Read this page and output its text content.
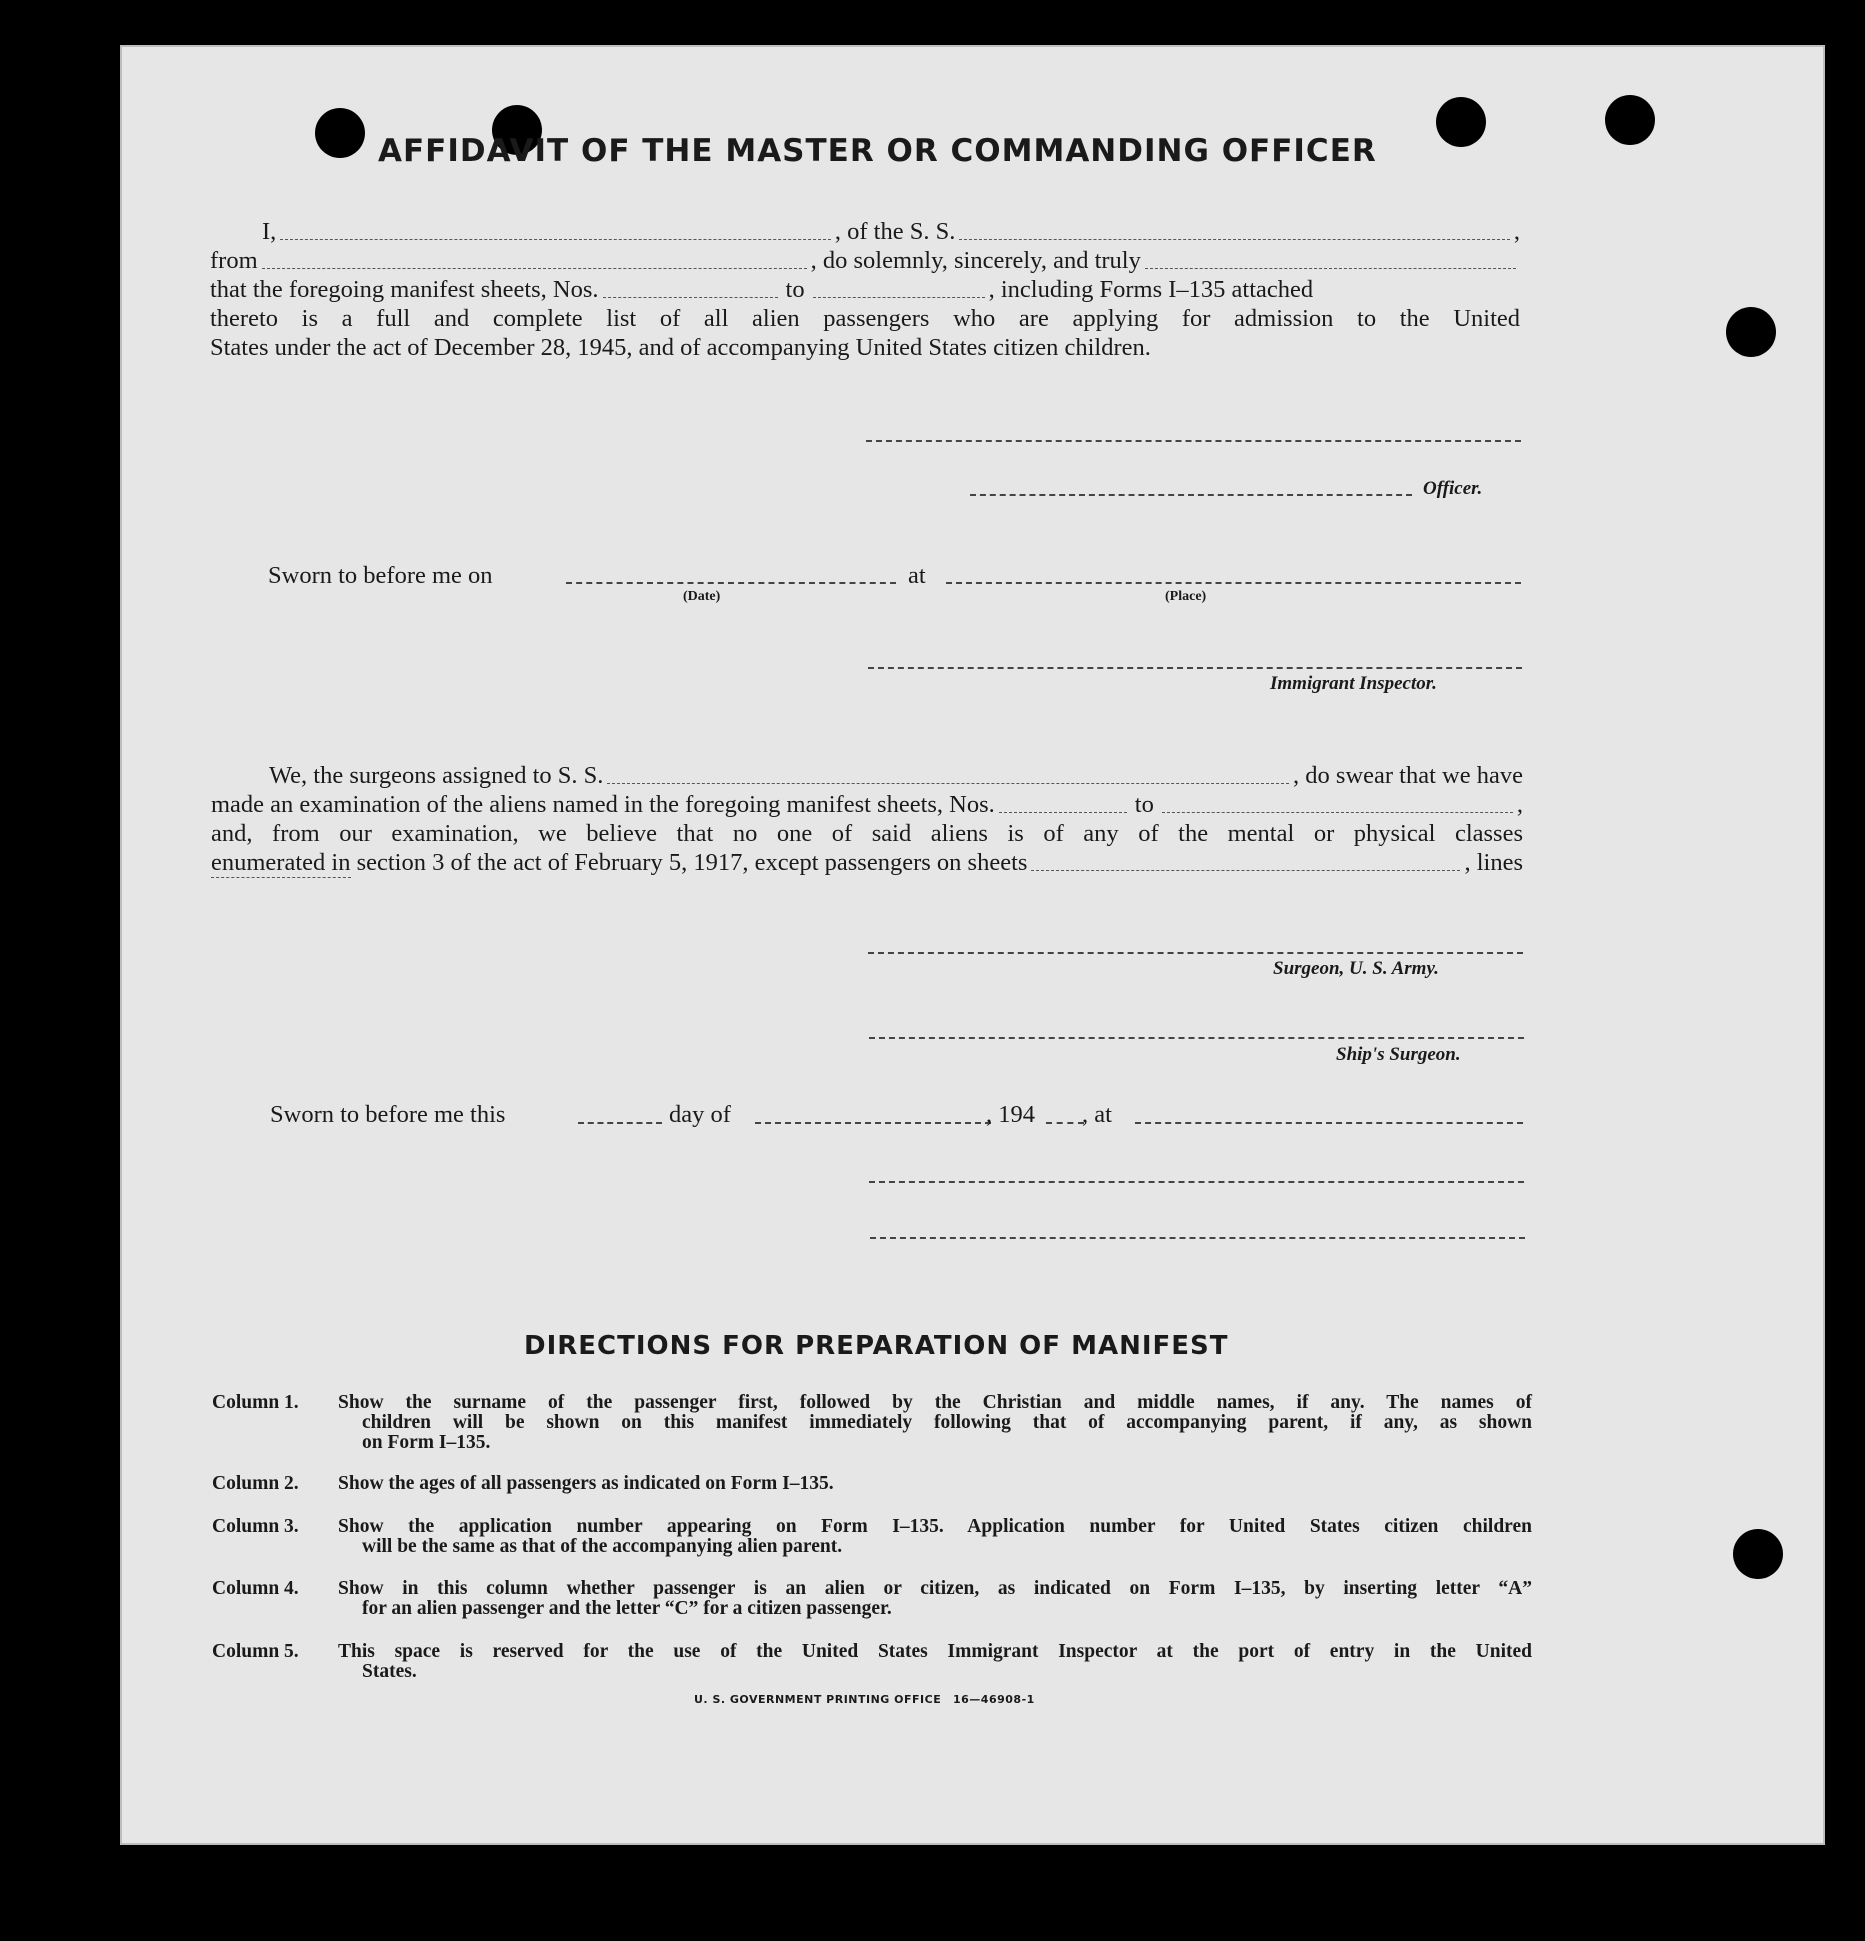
AFFIDAVIT OF THE MASTER OR COMMANDING OFFICER
I,	, of the S. S.	,
from	, do solemnly, sincerely, and truly
that the foregoing manifest sheets, Nos.	to	, including Forms I–135 attached
thereto is a full and complete list of all alien passengers who are applying for admission to the United
States under the act of December 28, 1945, and of accompanying United States citizen children.
Officer.
Sworn to before me on
(Date)
at
(Place)
Immigrant Inspector.
We, the surgeons assigned to S. S.	, do swear that we have
made an examination of the aliens named in the foregoing manifest sheets, Nos.	to	,
and, from our examination, we believe that no one of said aliens is of any of the mental or physical classes
enumerated in section 3 of the act of February 5, 1917, except passengers on sheets	, lines
Surgeon, U. S. Army.
Ship's Surgeon.
Sworn to before me this	day of	, 194 , at
DIRECTIONS FOR PREPARATION OF MANIFEST
Column 1. Show the surname of the passenger first, followed by the Christian and middle names, if any. The names of
children will be shown on this manifest immediately following that of accompanying parent, if any, as shown
on Form I–135.
Column 2. Show the ages of all passengers as indicated on Form I–135.
Column 3. Show the application number appearing on Form I–135. Application number for United States citizen children
will be the same as that of the accompanying alien parent.
Column 4. Show in this column whether passenger is an alien or citizen, as indicated on Form I–135, by inserting letter “A”
for an alien passenger and the letter “C” for a citizen passenger.
Column 5. This space is reserved for the use of the United States Immigrant Inspector at the port of entry in the United
States.
U. S. GOVERNMENT PRINTING OFFICE 16—46908-1
